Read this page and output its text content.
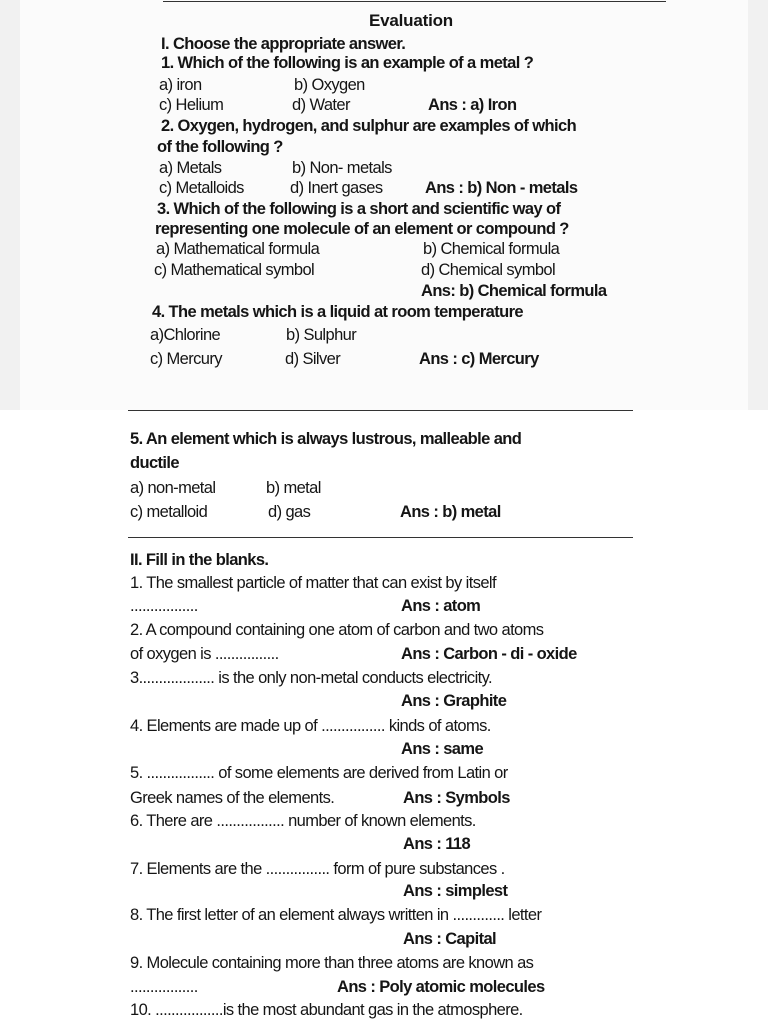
Evaluation
I. Choose the appropriate answer.
1. Which of the following is an example of a metal ?
a) iron	b) Oxygen
c) Helium	d) Water	Ans : a) Iron
2. Oxygen, hydrogen, and sulphur are examples of which
of the following ?
a) Metals	b) Non- metals
c) Metalloids	d) Inert gases	Ans : b) Non - metals
3. Which of the following is a short and scientific way of
representing one molecule of an element or compound ?
a) Mathematical formula	b) Chemical formula
c) Mathematical symbol	d) Chemical symbol
Ans: b) Chemical formula
4. The metals which is a liquid at room temperature
a)Chlorine	b) Sulphur
c) Mercury	d) Silver	Ans : c) Mercury
5. An element which is always lustrous, malleable and
ductile
a) non-metal	b) metal
c) metalloid	d) gas	Ans : b) metal
II. Fill in the blanks.
1. The smallest particle of matter that can exist by itself
.................	Ans : atom
2. A compound containing one atom of carbon and two atoms
of oxygen is ................	Ans : Carbon - di - oxide
3................... is the only non-metal conducts electricity.
Ans : Graphite
4. Elements are made up of ................ kinds of atoms.
Ans : same
5. ................. of some elements are derived from Latin or
Greek names of the elements.	Ans : Symbols
6. There are ................. number of known elements.
Ans : 118
7. Elements are the ................ form of pure substances .
Ans : simplest
8. The first letter of an element always written in ............. letter
Ans : Capital
9. Molecule containing more than three atoms are known as
.................	Ans : Poly atomic molecules
10. .................is the most abundant gas in the atmosphere.
